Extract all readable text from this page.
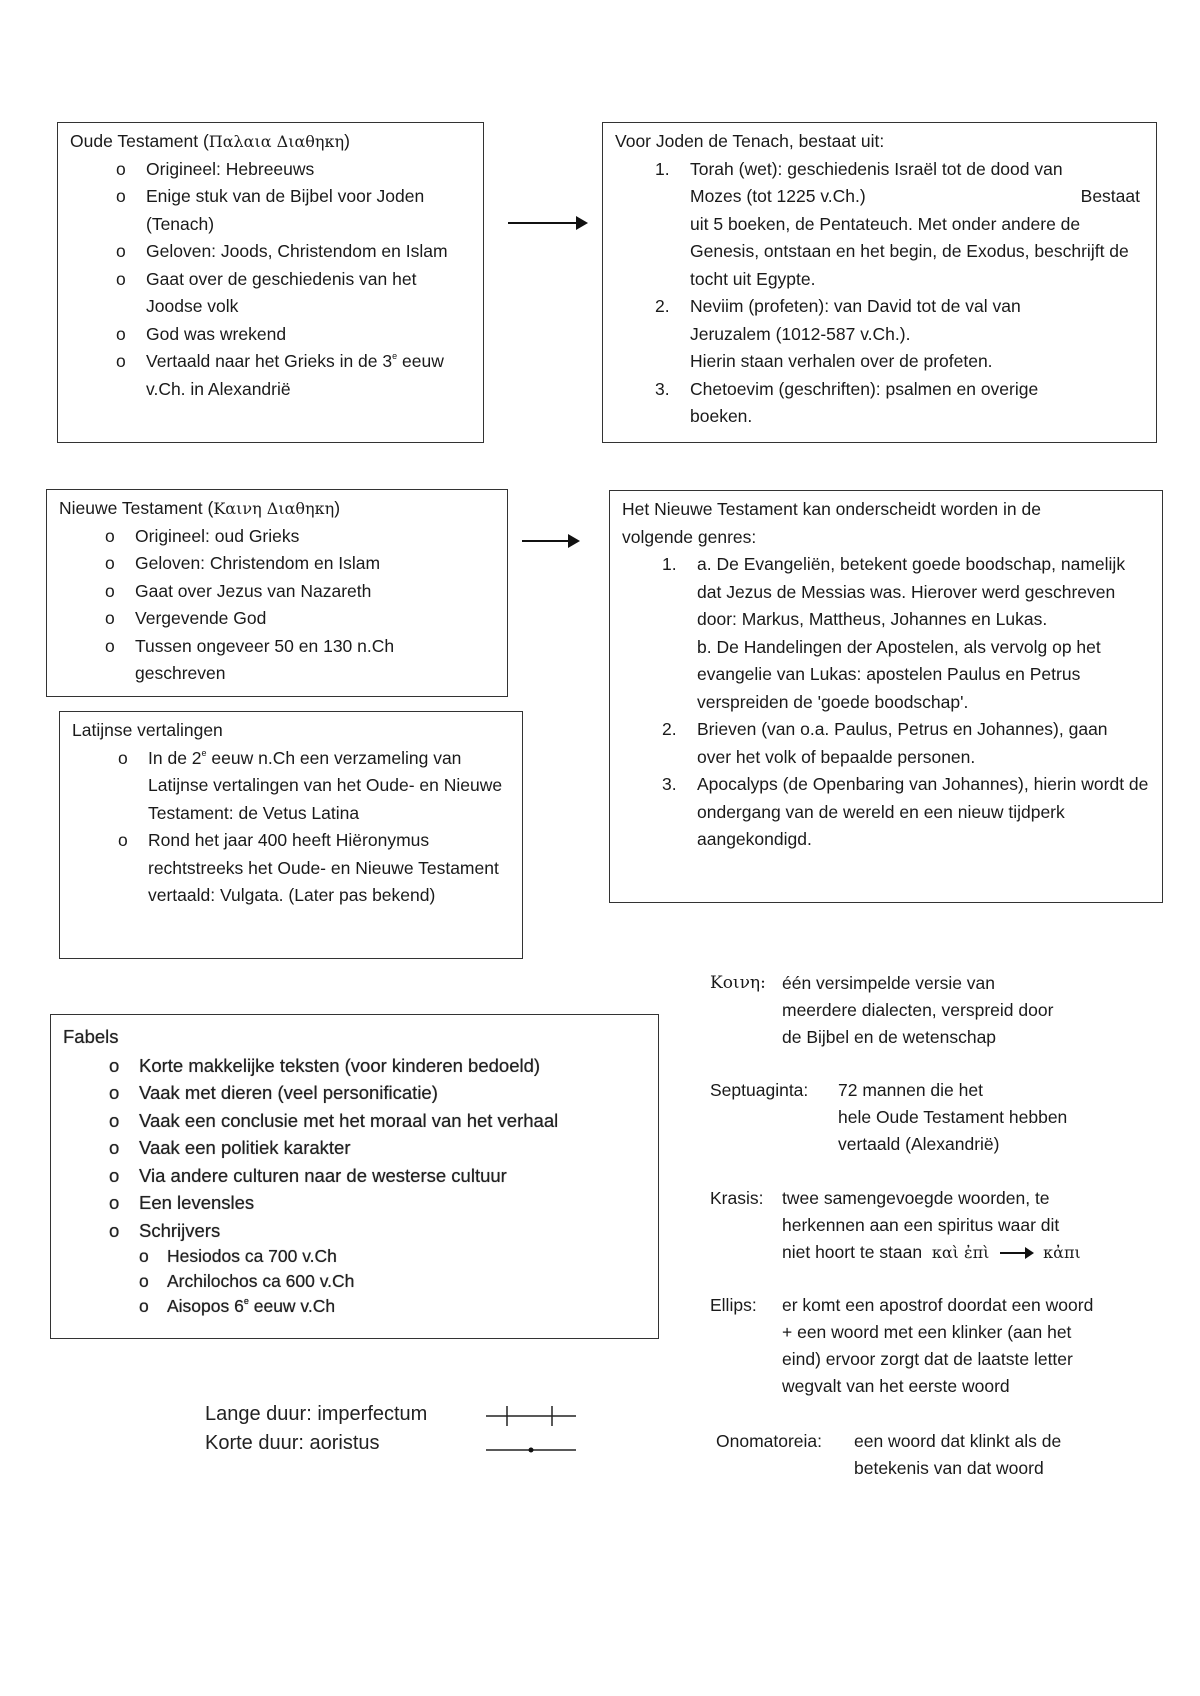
Oude Testament (Παλαια Διαθηκη)
o Origineel: Hebreeuws
o Enige stuk van de Bijbel voor Joden (Tenach)
o Geloven: Joods, Christendom en Islam
o Gaat over de geschiedenis van het Joodse volk
o God was wrekend
o Vertaald naar het Grieks in de 3e eeuw v.Ch. in Alexandrië
Voor Joden de Tenach, bestaat uit:
1. Torah (wet): geschiedenis Israël tot de dood van
Mozes (tot 1225 v.Ch.)	Bestaat
uit 5 boeken, de Pentateuch. Met onder andere de Genesis, ontstaan en het begin, de Exodus, beschrijft de tocht uit Egypte.
2. Neviim (profeten): van David tot de val van Jeruzalem (1012-587 v.Ch.).
Hierin staan verhalen over de profeten.
3. Chetoevim (geschriften): psalmen en overige boeken.
Nieuwe Testament (Καινη Διαθηκη)
o Origineel: oud Grieks
o Geloven: Christendom en Islam
o Gaat over Jezus van Nazareth
o Vergevende God
o Tussen ongeveer 50 en 130 n.Ch geschreven
Het Nieuwe Testament kan onderscheidt worden in de volgende genres:
1. a. De Evangeliën, betekent goede boodschap, namelijk dat Jezus de Messias was. Hierover werd geschreven door: Markus, Mattheus, Johannes en Lukas.
b. De Handelingen der Apostelen, als vervolg op het evangelie van Lukas: apostelen Paulus en Petrus verspreiden de 'goede boodschap'.
2. Brieven (van o.a. Paulus, Petrus en Johannes), gaan over het volk of bepaalde personen.
3. Apocalyps (de Openbaring van Johannes), hierin wordt de ondergang van de wereld en een nieuw tijdperk aangekondigd.
Latijnse vertalingen
o In de 2e eeuw n.Ch een verzameling van Latijnse vertalingen van het Oude- en Nieuwe Testament: de Vetus Latina
o Rond het jaar 400 heeft Hiëronymus rechtstreeks het Oude- en Nieuwe Testament vertaald: Vulgata. (Later pas bekend)
Fabels
o Korte makkelijke teksten (voor kinderen bedoeld)
o Vaak met dieren (veel personificatie)
o Vaak een conclusie met het moraal van het verhaal
o Vaak een politiek karakter
o Via andere culturen naar de westerse cultuur
o Een levensles
o Schrijvers
o Hesiodos ca 700 v.Ch
o Archilochos ca 600 v.Ch
o Aisopos 6e eeuw v.Ch
Lange duur: imperfectum
Korte duur: aoristus
Κοινη: één versimpelde versie van
meerdere dialecten, verspreid door
de Bijbel en de wetenschap
Septuaginta: 72 mannen die het
hele Oude Testament hebben
vertaald (Alexandrië)
Krasis: twee samengevoegde woorden, te
herkennen aan een spiritus waar dit
niet hoort te staan καὶ ἐπὶ	κἀπι
Ellips: er komt een apostrof doordat een woord
+ een woord met een klinker (aan het
eind) ervoor zorgt dat de laatste letter
wegvalt van het eerste woord
Onomatoreia: een woord dat klinkt als de
betekenis van dat woord
